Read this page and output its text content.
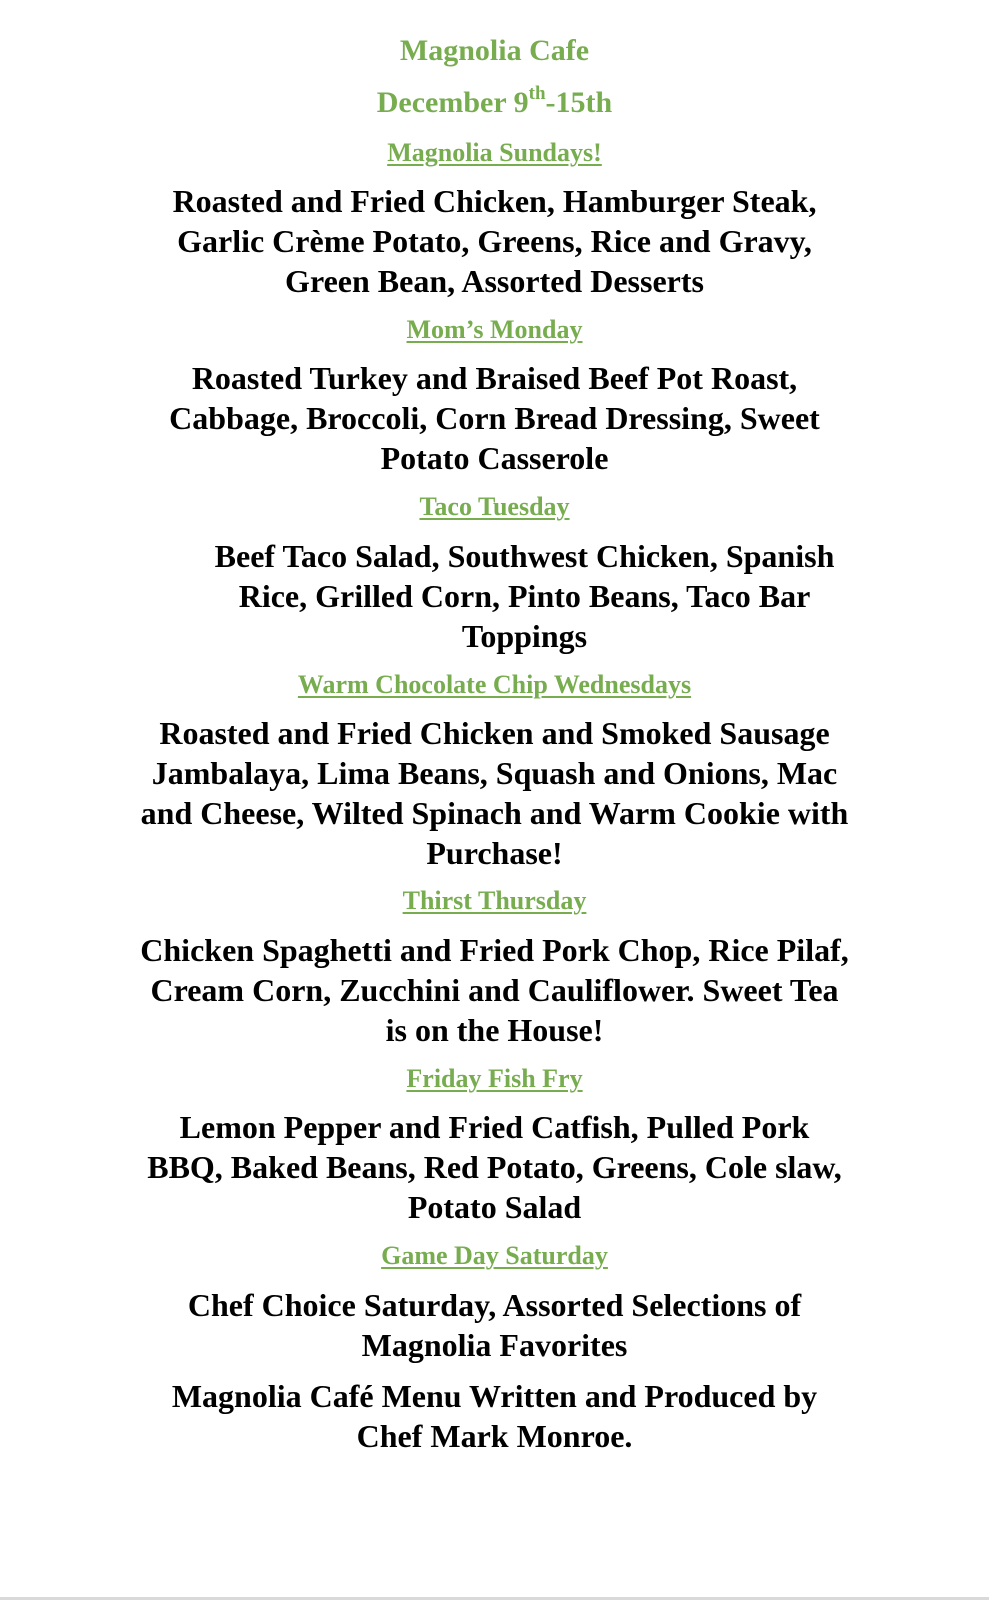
Magnolia Cafe
December 9th-15th
Magnolia Sundays!
Roasted and Fried Chicken, Hamburger Steak,
Garlic Crème Potato, Greens, Rice and Gravy,
Green Bean, Assorted Desserts
Mom’s Monday
Roasted Turkey and Braised Beef Pot Roast,
Cabbage, Broccoli, Corn Bread Dressing, Sweet
Potato Casserole
Taco Tuesday
Beef Taco Salad, Southwest Chicken, Spanish
Rice, Grilled Corn, Pinto Beans, Taco Bar
Toppings
Warm Chocolate Chip Wednesdays
Roasted and Fried Chicken and Smoked Sausage
Jambalaya, Lima Beans, Squash and Onions, Mac
and Cheese, Wilted Spinach and Warm Cookie with
Purchase!
Thirst Thursday
Chicken Spaghetti and Fried Pork Chop, Rice Pilaf,
Cream Corn, Zucchini and Cauliflower. Sweet Tea
is on the House!
Friday Fish Fry
Lemon Pepper and Fried Catfish, Pulled Pork
BBQ, Baked Beans, Red Potato, Greens, Cole slaw,
Potato Salad
Game Day Saturday
Chef Choice Saturday, Assorted Selections of
Magnolia Favorites
Magnolia Café Menu Written and Produced by
Chef Mark Monroe.
